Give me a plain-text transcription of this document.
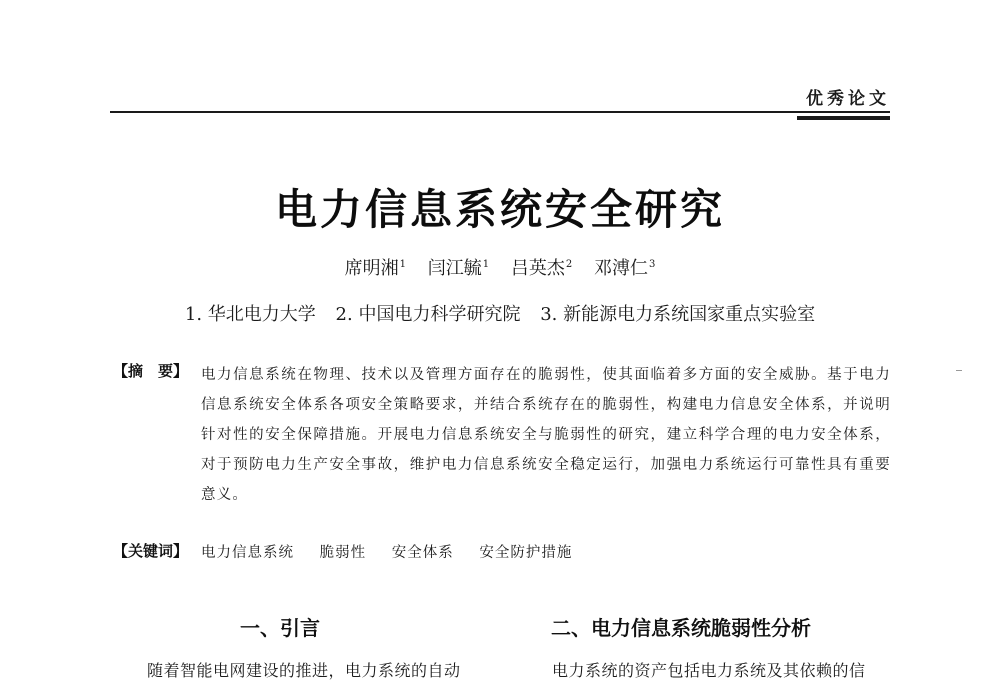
优秀论文
电力信息系统安全研究
席明湘$^1$ 闫江毓$^1$ 吕英杰$^2$ 邓溥仁$^3$
1. 华北电力大学 2. 中国电力科学研究院 3. 新能源电力系统国家重点实验室
【摘　要】 电力信息系统在物理、技术以及管理方面存在的脆弱性，使其面临着多方面的安全威胁。基于电力信息系统安全体系各项安全策略要求，并结合系统存在的脆弱性，构建电力信息安全体系，并说明针对性的安全保障措施。开展电力信息系统安全与脆弱性的研究，建立科学合理的电力安全体系，对于预防电力生产安全事故，维护电力信息系统安全稳定运行，加强电力系统运行可靠性具有重要意义。
【关键词】 电力信息系统 脆弱性 安全体系 安全防护措施
一、引言	二、电力信息系统脆弱性分析
随着智能电网建设的推进，电力系统的自动	电力系统的资产包括电力系统及其依赖的信
